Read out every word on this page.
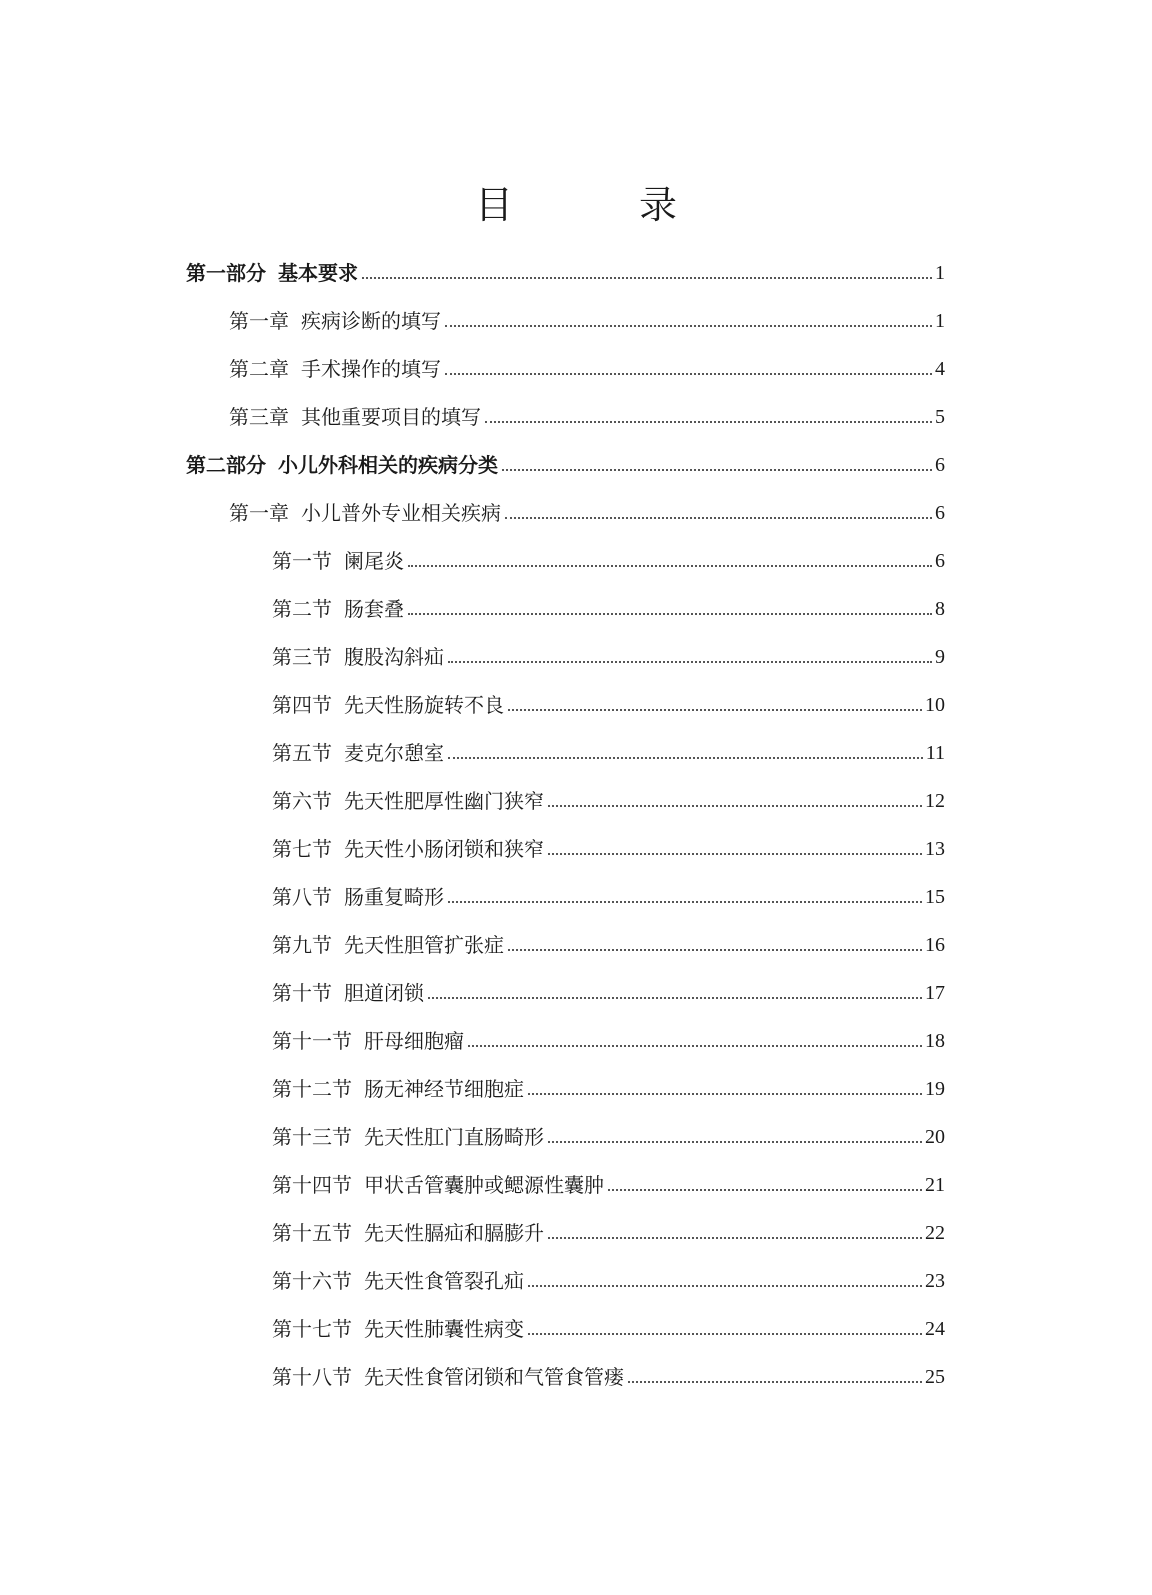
目　录
第一部分 基本要求	1
第一章 疾病诊断的填写	1
第二章 手术操作的填写	4
第三章 其他重要项目的填写	5
第二部分 小儿外科相关的疾病分类	6
第一章 小儿普外专业相关疾病	6
第一节 阑尾炎	6
第二节 肠套叠	8
第三节 腹股沟斜疝	9
第四节 先天性肠旋转不良	10
第五节 麦克尔憩室	11
第六节 先天性肥厚性幽门狭窄	12
第七节 先天性小肠闭锁和狭窄	13
第八节 肠重复畸形	15
第九节 先天性胆管扩张症	16
第十节 胆道闭锁	17
第十一节 肝母细胞瘤	18
第十二节 肠无神经节细胞症	19
第十三节 先天性肛门直肠畸形	20
第十四节 甲状舌管囊肿或鳃源性囊肿	21
第十五节 先天性膈疝和膈膨升	22
第十六节 先天性食管裂孔疝	23
第十七节 先天性肺囊性病变	24
第十八节 先天性食管闭锁和气管食管瘘	25
